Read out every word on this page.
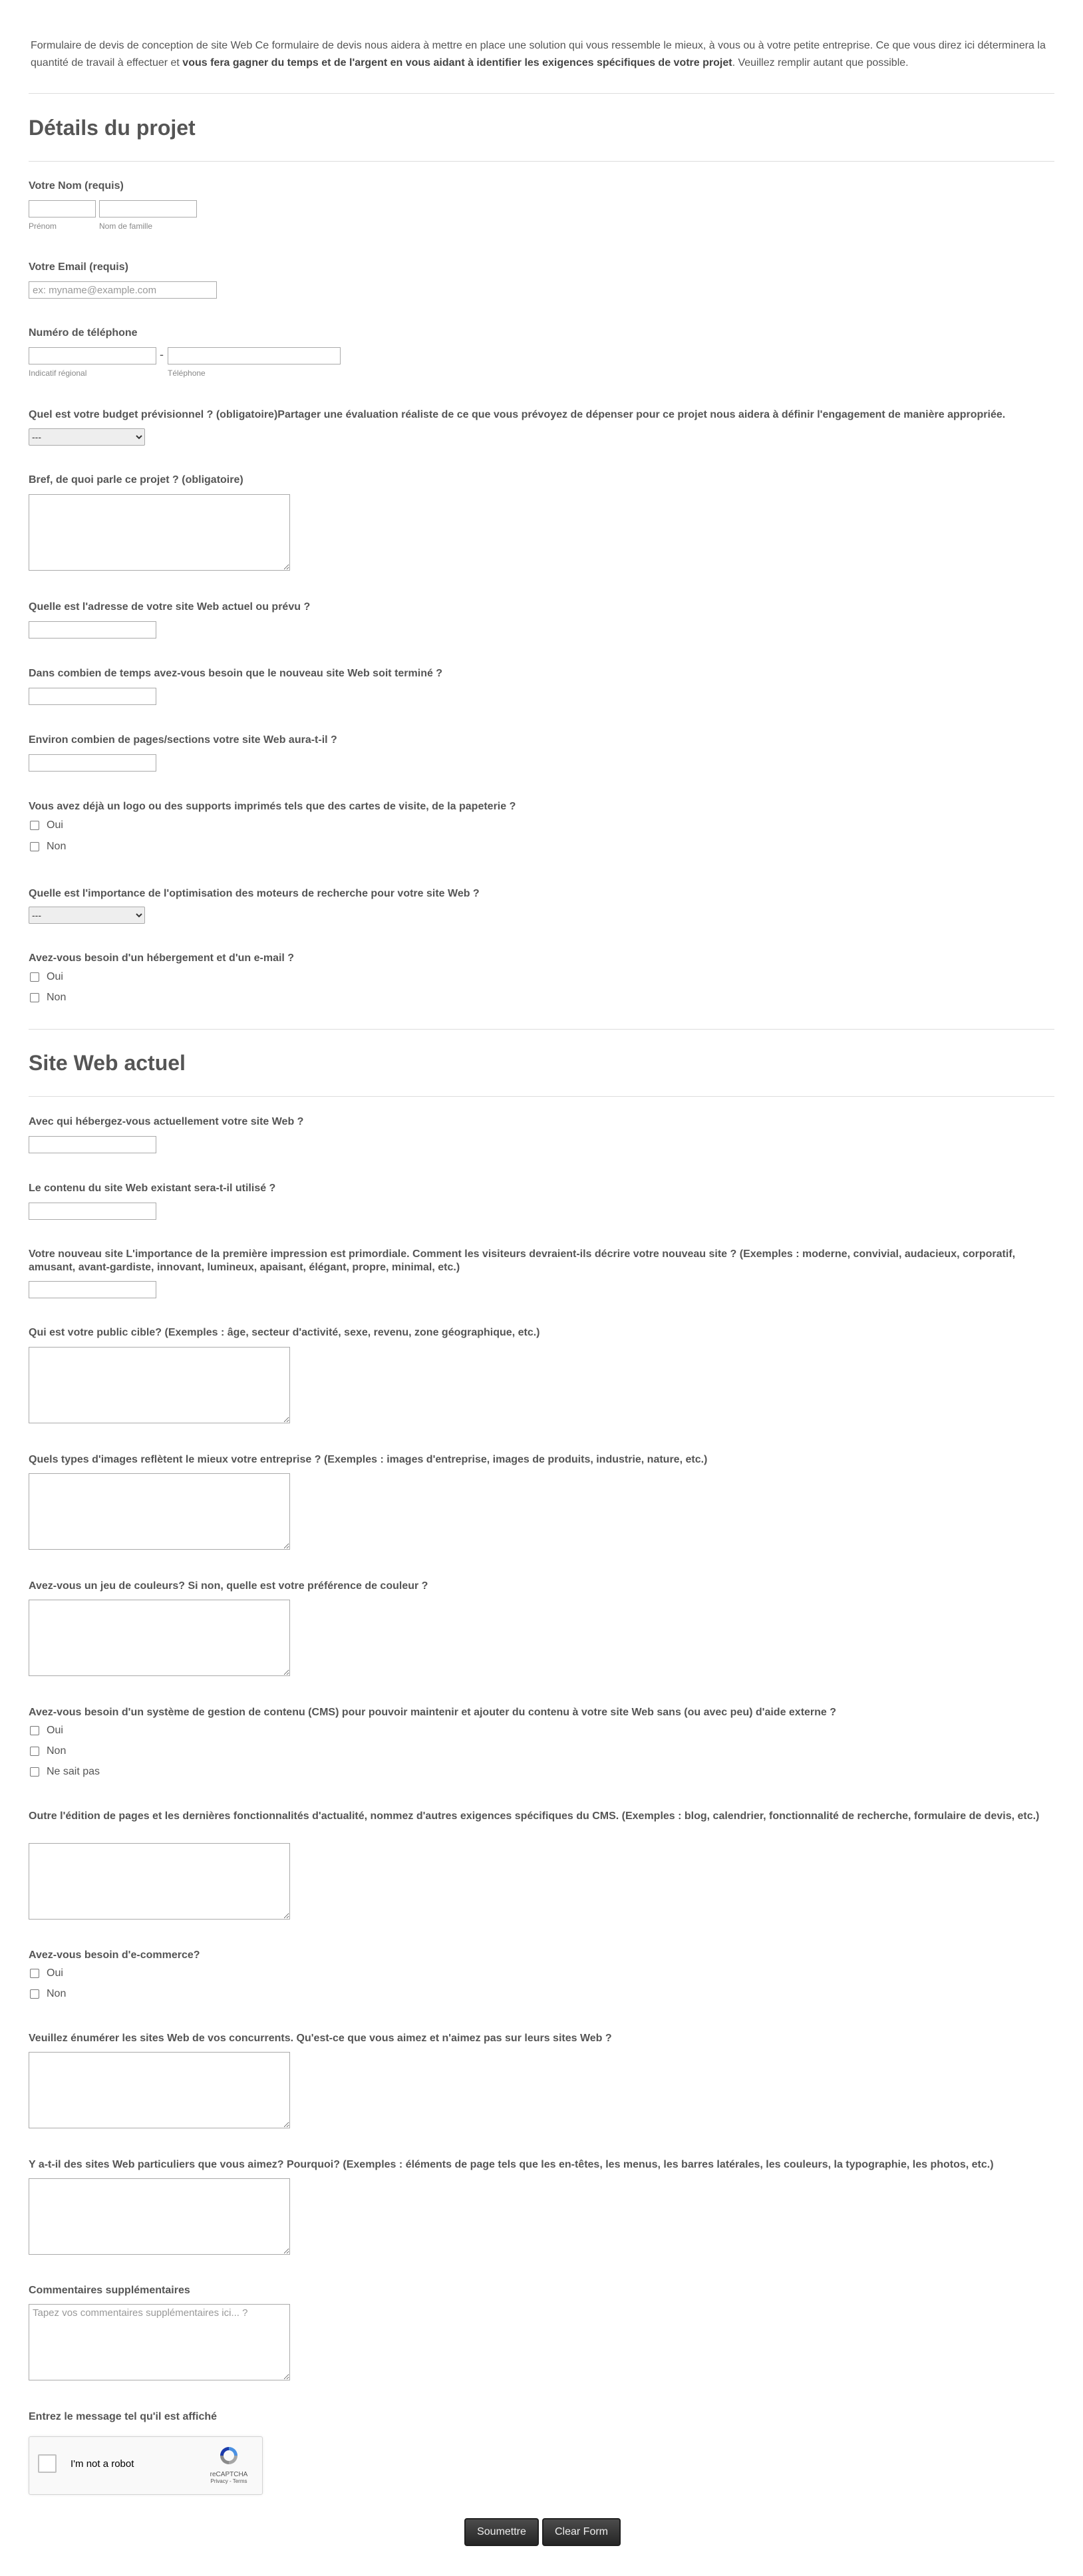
Formulaire de devis de conception de site Web Ce formulaire de devis nous aidera à mettre en place une solution qui vous ressemble le mieux, à vous ou à votre petite entreprise. Ce que vous direz ici déterminera la quantité de travail à effectuer et vous fera gagner du temps et de l'argent en vous aidant à identifier les exigences spécifiques de votre projet. Veuillez remplir autant que possible.
Détails du projet
Votre Nom (requis)
Prénom	Nom de famille
Votre Email (requis)
ex: myname@example.com
Numéro de téléphone
-
Indicatif régional	Téléphone
Quel est votre budget prévisionnel ? (obligatoire)Partager une évaluation réaliste de ce que vous prévoyez de dépenser pour ce projet nous aidera à définir l'engagement de manière appropriée.
---
Bref, de quoi parle ce projet ? (obligatoire)
Quelle est l'adresse de votre site Web actuel ou prévu ?
Dans combien de temps avez-vous besoin que le nouveau site Web soit terminé ?
Environ combien de pages/sections votre site Web aura-t-il ?
Vous avez déjà un logo ou des supports imprimés tels que des cartes de visite, de la papeterie ?
Oui
Non
Quelle est l'importance de l'optimisation des moteurs de recherche pour votre site Web ?
---
Avez-vous besoin d'un hébergement et d'un e-mail ?
Oui
Non
Site Web actuel
Avec qui hébergez-vous actuellement votre site Web ?
Le contenu du site Web existant sera-t-il utilisé ?
Votre nouveau site L'importance de la première impression est primordiale. Comment les visiteurs devraient-ils décrire votre nouveau site ? (Exemples : moderne, convivial, audacieux, corporatif, amusant, avant-gardiste, innovant, lumineux, apaisant, élégant, propre, minimal, etc.)
Qui est votre public cible? (Exemples : âge, secteur d'activité, sexe, revenu, zone géographique, etc.)
Quels types d'images reflètent le mieux votre entreprise ? (Exemples : images d'entreprise, images de produits, industrie, nature, etc.)
Avez-vous un jeu de couleurs? Si non, quelle est votre préférence de couleur ?
Avez-vous besoin d'un système de gestion de contenu (CMS) pour pouvoir maintenir et ajouter du contenu à votre site Web sans (ou avec peu) d'aide externe ?
Oui
Non
Ne sait pas
Outre l'édition de pages et les dernières fonctionnalités d'actualité, nommez d'autres exigences spécifiques du CMS. (Exemples : blog, calendrier, fonctionnalité de recherche, formulaire de devis, etc.)
Avez-vous besoin d'e-commerce?
Oui
Non
Veuillez énumérer les sites Web de vos concurrents. Qu'est-ce que vous aimez et n'aimez pas sur leurs sites Web ?
Y a-t-il des sites Web particuliers que vous aimez? Pourquoi? (Exemples : éléments de page tels que les en-têtes, les menus, les barres latérales, les couleurs, la typographie, les photos, etc.)
Commentaires supplémentaires
Tapez vos commentaires supplémentaires ici... ?
Entrez le message tel qu'il est affiché
I'm not a robot
reCAPTCHA
Privacy - Terms
Soumettre	Clear Form
